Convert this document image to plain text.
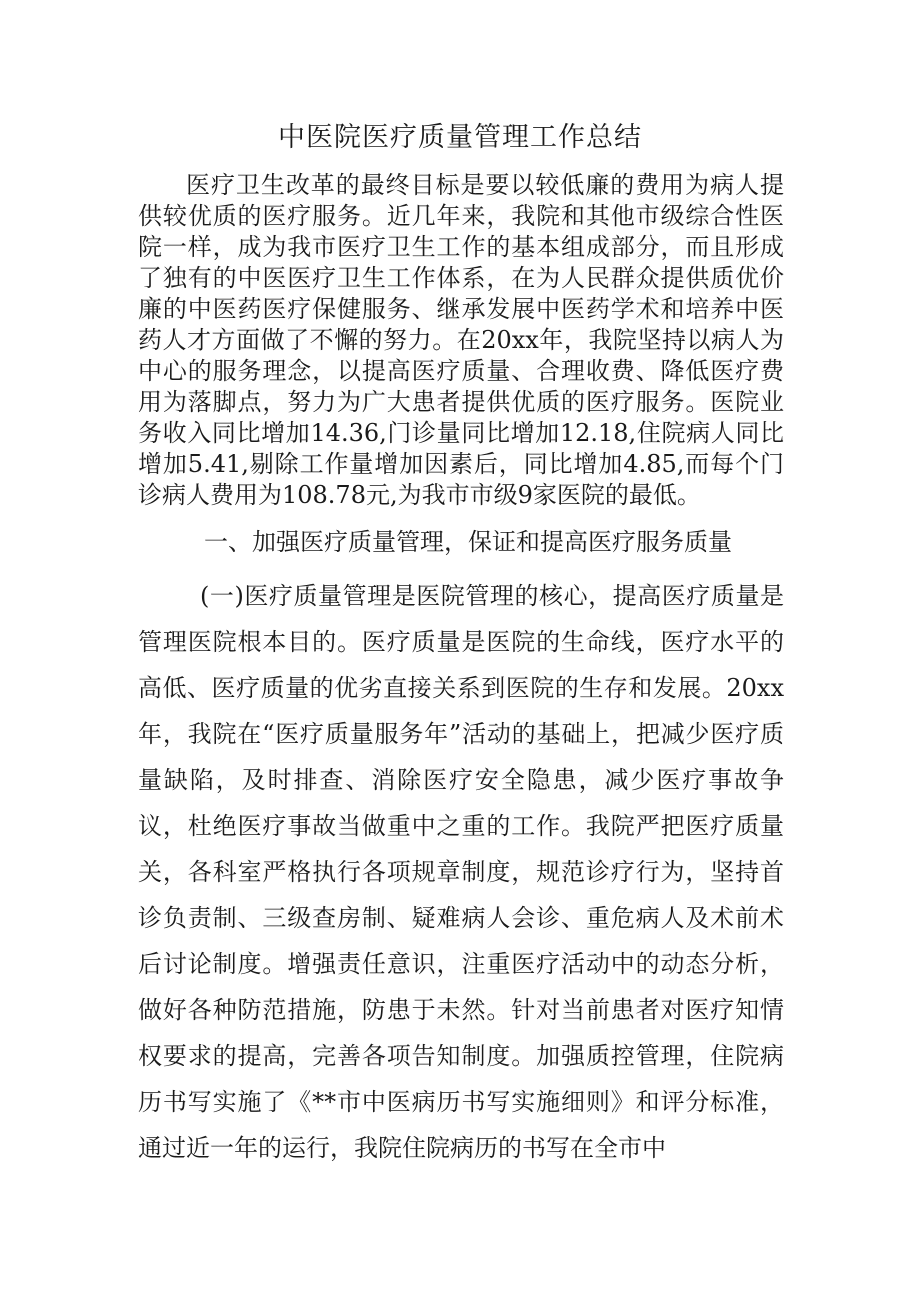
中医院医疗质量管理工作总结

医疗卫生改革的最终目标是要以较低廉的费用为病人提供较优质的医疗服务。近几年来，我院和其他市级综合性医院一样，成为我市医疗卫生工作的基本组成部分，而且形成了独有的中医医疗卫生工作体系，在为人民群众提供质优价廉的中医药医疗保健服务、继承发展中医药学术和培养中医药人才方面做了不懈的努力。在20xx年，我院坚持以病人为中心的服务理念，以提高医疗质量、合理收费、降低医疗费用为落脚点，努力为广大患者提供优质的医疗服务。医院业务收入同比增加14.36,门诊量同比增加12.18,住院病人同比增加5.41,剔除工作量增加因素后，同比增加4.85,而每个门诊病人费用为108.78元,为我市市级9家医院的最低。

一、加强医疗质量管理，保证和提高医疗服务质量

(一)医疗质量管理是医院管理的核心，提高医疗质量是管理医院根本目的。医疗质量是医院的生命线，医疗水平的高低、医疗质量的优劣直接关系到医院的生存和发展。20xx年，我院在“医疗质量服务年”活动的基础上，把减少医疗质量缺陷，及时排查、消除医疗安全隐患，减少医疗事故争议，杜绝医疗事故当做重中之重的工作。我院严把医疗质量关，各科室严格执行各项规章制度，规范诊疗行为，坚持首诊负责制、三级查房制、疑难病人会诊、重危病人及术前术后讨论制度。增强责任意识，注重医疗活动中的动态分析，做好各种防范措施，防患于未然。针对当前患者对医疗知情权要求的提高，完善各项告知制度。加强质控管理，住院病历书写实施了《**市中医病历书写实施细则》和评分标准，通过近一年的运行，我院住院病历的书写在全市中
